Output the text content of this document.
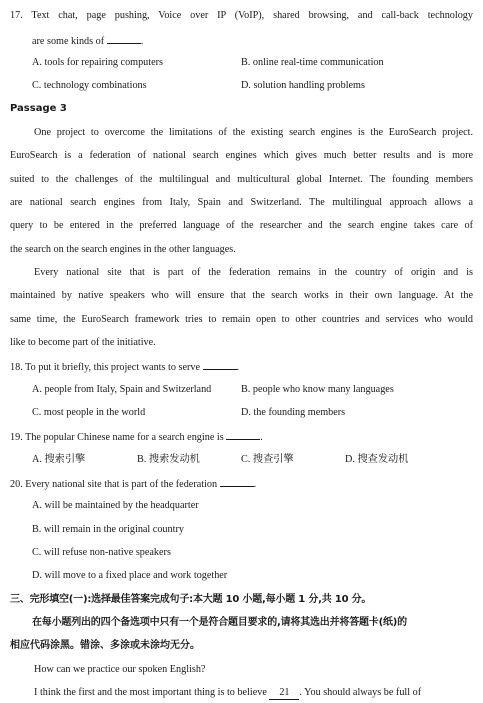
17. Text chat, page pushing, Voice over IP (VoIP), shared browsing, and call-back technology
are some kinds of	.
A. tools for repairing computers	B. online real-time communication
C. technology combinations	D. solution handling problems
Passage 3
One project to overcome the limitations of the existing search engines is the EuroSearch project.
EuroSearch is a federation of national search engines which gives much better results and is more
suited to the challenges of the multilingual and multicultural global Internet. The founding members
are national search engines from Italy, Spain and Switzerland. The multilingual approach allows a
query to be entered in the preferred language of the researcher and the search engine takes care of
the search on the search engines in the other languages.
Every national site that is part of the federation remains in the country of origin and is
maintained by native speakers who will ensure that the search works in their own language. At the
same time, the EuroSearch framework tries to remain open to other countries and services who would
like to become part of the initiative.
18. To put it briefly, this project wants to serve	.
A. people from Italy, Spain and Switzerland	B. people who know many languages
C. most people in the world	D. the founding members
19. The popular Chinese name for a search engine is	.
A. 搜索引擎	B. 搜索发动机	C. 搜查引擎	D. 搜查发动机
20. Every national site that is part of the federation	.
A. will be maintained by the headquarter
B. will remain in the original country
C. will refuse non-native speakers
D. will move to a fixed place and work together
三、完形填空(一):选择最佳答案完成句子:本大题 10 小题,每小题 1 分,共 10 分。
在每小题列出的四个备选项中只有一个是符合题目要求的,请将其选出并将答题卡(纸)的
相应代码涂黑。错涂、多涂或未涂均无分。
How can we practice our spoken English?
I think the first and the most important thing is to believe 21 . You should always be full of
